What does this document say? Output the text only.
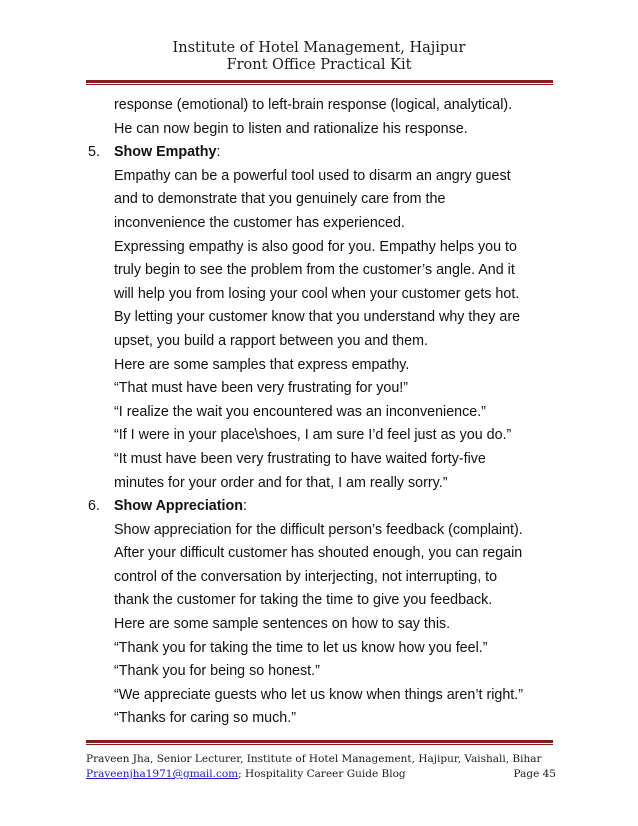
Institute of Hotel Management, Hajipur
Front Office Practical Kit
response (emotional) to left-brain response (logical, analytical).
He can now begin to listen and rationalize his response.
5. Show Empathy:
Empathy can be a powerful tool used to disarm an angry guest
and to demonstrate that you genuinely care from the
inconvenience the customer has experienced.
Expressing empathy is also good for you. Empathy helps you to
truly begin to see the problem from the customer’s angle. And it
will help you from losing your cool when your customer gets hot.
By letting your customer know that you understand why they are
upset, you build a rapport between you and them.
Here are some samples that express empathy.
“That must have been very frustrating for you!”
“I realize the wait you encountered was an inconvenience.”
“If I were in your place\shoes, I am sure I’d feel just as you do.”
“It must have been very frustrating to have waited forty-five
minutes for your order and for that, I am really sorry.”
6. Show Appreciation:
Show appreciation for the difficult person’s feedback (complaint).
After your difficult customer has shouted enough, you can regain
control of the conversation by interjecting, not interrupting, to
thank the customer for taking the time to give you feedback.
Here are some sample sentences on how to say this.
“Thank you for taking the time to let us know how you feel.”
“Thank you for being so honest.”
“We appreciate guests who let us know when things aren’t right.”
“Thanks for caring so much.”
Praveen Jha, Senior Lecturer, Institute of Hotel Management, Hajipur, Vaishali, Bihar
Praveenjha1971@gmail.com; Hospitality Career Guide Blog	Page 45
